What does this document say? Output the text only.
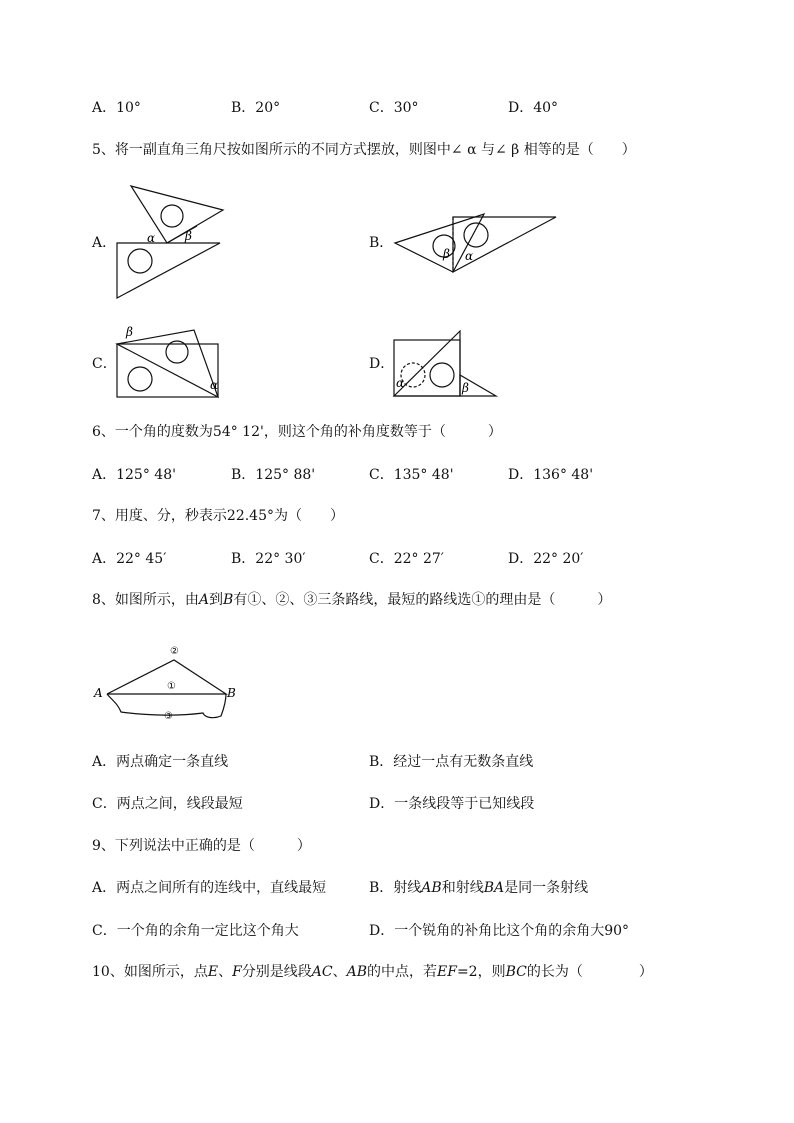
A．10°	B．20°	C．30°	D．40°
5、将一副直角三角尺按如图所示的不同方式摆放，则图中∠ α 与∠ β 相等的是（　　）
A．	α β	B．
β α
C．
β
α
D．
α	β
6、一个角的度数为54° 12'，则这个角的补角度数等于（　　　）
A．125° 48'	B．125° 88'	C．135° 48'	D．136° 48'
7、用度、分，秒表示22.45°为（　　）
A．22° 45′	B．22° 30′	C．22° 27′	D．22° 20′
8、如图所示，由A到B有①、②、③三条路线，最短的路线选①的理由是（　　　）
A	B
②
①
③
A．两点确定一条直线	B．经过一点有无数条直线
C．两点之间，线段最短	D．一条线段等于已知线段
9、下列说法中正确的是（　　　）
A．两点之间所有的连线中，直线最短	B．射线AB和射线BA是同一条射线
C．一个角的余角一定比这个角大	D．一个锐角的补角比这个角的余角大90°
10、如图所示，点E、F分别是线段AC、AB的中点，若EF=2，则BC的长为（　　　　）
